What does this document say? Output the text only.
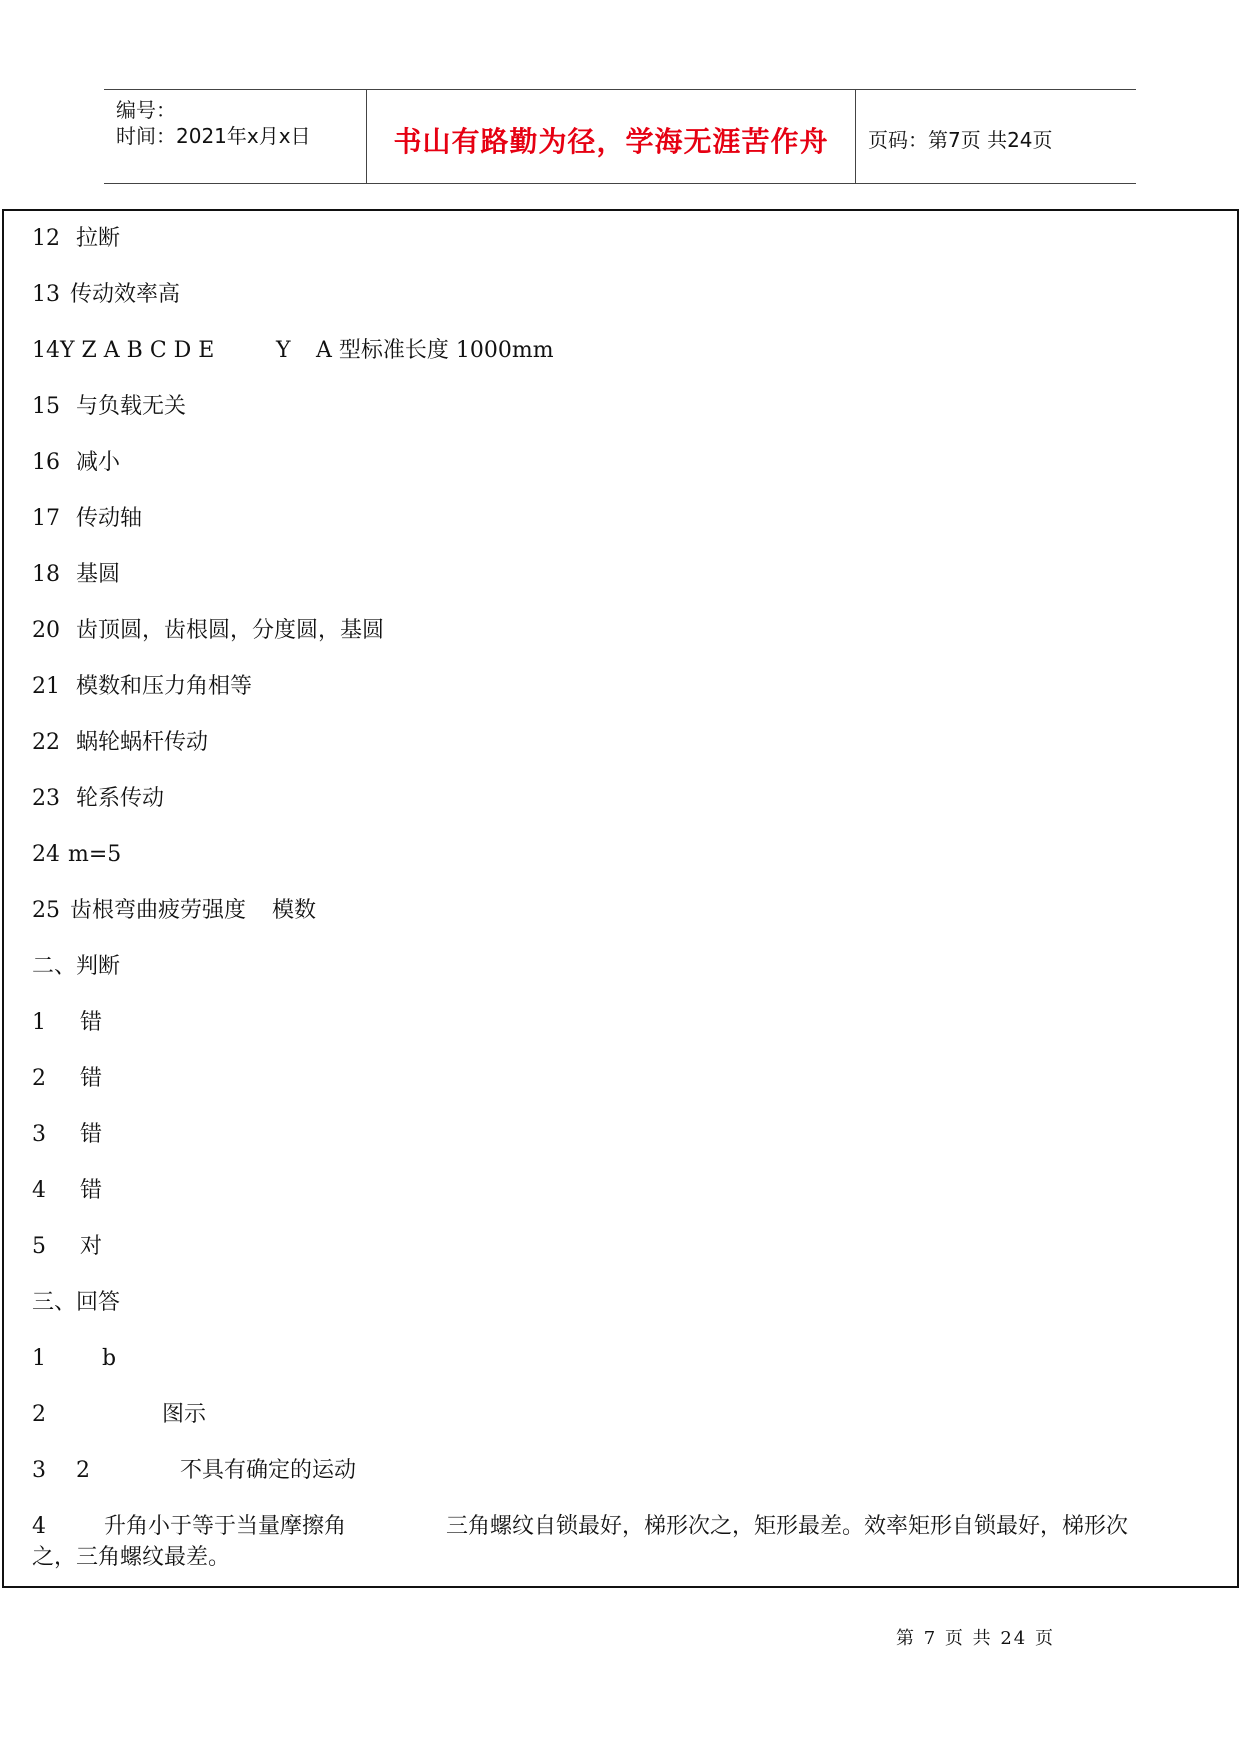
编号：
时间：2021年x月x日	书山有路勤为径，学海无涯苦作舟	页码：第7页 共24页
12 拉断
13 传动效率高
14 Y Z A B C D E	Y A 型标准长度 1000mm
15 与负载无关
16 减小
17 传动轴
18 基圆
20 齿顶圆，齿根圆，分度圆，基圆
21 模数和压力角相等
22 蜗轮蜗杆传动
23 轮系传动
24 m=5
25 齿根弯曲疲劳强度 模数
二、判断
1 错
2 错
3 错
4 错
5 对
三、回答
1	b
2	图示
3 2	不具有确定的运动
4	升角小于等于当量摩擦角	三角螺纹自锁最好，梯形次之，矩形最差。效率矩形自锁最好，梯形次
之，三角螺纹最差。
第 7 页 共 24 页
